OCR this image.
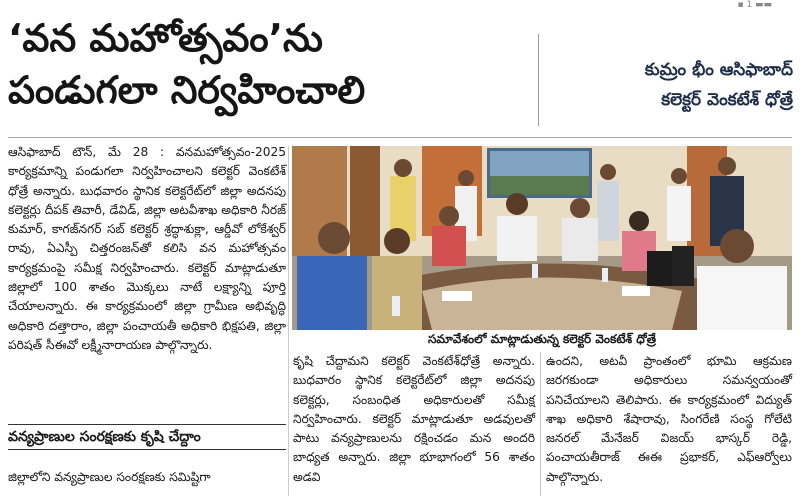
▪ 1 ▬▬
‘వన మహోత్సవం’ను
పండుగలా నిర్వహించాలి	కుమ్రం భీం ఆసిఫాబాద్
కలెక్టర్ వెంకటేశ్ ధోత్రే

ఆసిఫాబాద్ టౌన్, మే 28 : వనమహోత్సవం-2025 కార్యక్రమాన్ని పండుగలా నిర్వహించాలని కలెక్టర్ వెంకటేశ్ ధోత్రే అన్నారు. బుధవారం స్థానిక కలెక్టరేట్‌లో జిల్లా అదనపు కలెక్టర్లు దీపక్ తివారీ, డేవిడ్, జిల్లా అటవీశాఖ అధికారి నీరజ్ కుమార్, కాగజ్‌నగర్ సబ్ కలెక్టర్ శ్రద్ధాశుక్లా, ఆర్డీవో లోకేశ్వర్ రావు, ఏఎస్పీ చిత్తరంజన్‌తో కలిసి వన మహోత్సవం కార్యక్రమంపై సమీక్ష నిర్వహించారు. కలెక్టర్ మాట్లాడుతూ జిల్లాలో 100 శాతం మొక్కలు నాటే లక్ష్యాన్ని పూర్తి చేయాలన్నారు. ఈ కార్యక్రమంలో జిల్లా గ్రామీణ అభివృద్ధి అధికారి దత్తారాం, జిల్లా పంచాయతీ అధికారి భిక్షపతి, జిల్లా పరిషత్ సీఈవో లక్ష్మీనారాయణ పాల్గొన్నారు.

వన్యప్రాణుల సంరక్షణకు కృషి చేద్దాం
జిల్లాలోని వన్యప్రాణుల సంరక్షణకు సమిష్టిగా
సమావేశంలో మాట్లాడుతున్న కలెక్టర్ వెంకటేశ్ ధోత్రే

కృషి చేద్దామని కలెక్టర్ వెంకటేశ్‌ధోత్రే అన్నారు. బుధవారం స్థానిక కలెక్టరేట్‌లో జిల్లా అదనపు కలెక్టర్లు, సంబంధిత అధికారులతో సమీక్ష నిర్వహించారు. కలెక్టర్ మాట్లాడుతూ అడవులతో పాటు వన్యప్రాణులను రక్షించడం మన అందరి బాధ్యత అన్నారు. జిల్లా భూభాగంలో 56 శాతం అడవి

ఉందని, అటవీ ప్రాంతంలో భూమి ఆక్రమణ జరగకుండా అధికారులు సమన్వయంతో పనిచేయాలని తెలిపారు. ఈ కార్యక్రమంలో విద్యుత్ శాఖ అధికారి శేషారావు, సింగరేణి సంస్థ గోలేటి జనరల్ మేనేజర్ విజయ్ భాస్కర్ రెడ్డి, పంచాయతీరాజ్ ఈఈ ప్రభాకర్, ఎఫ్ఆర్వోలు పాల్గొన్నారు.
